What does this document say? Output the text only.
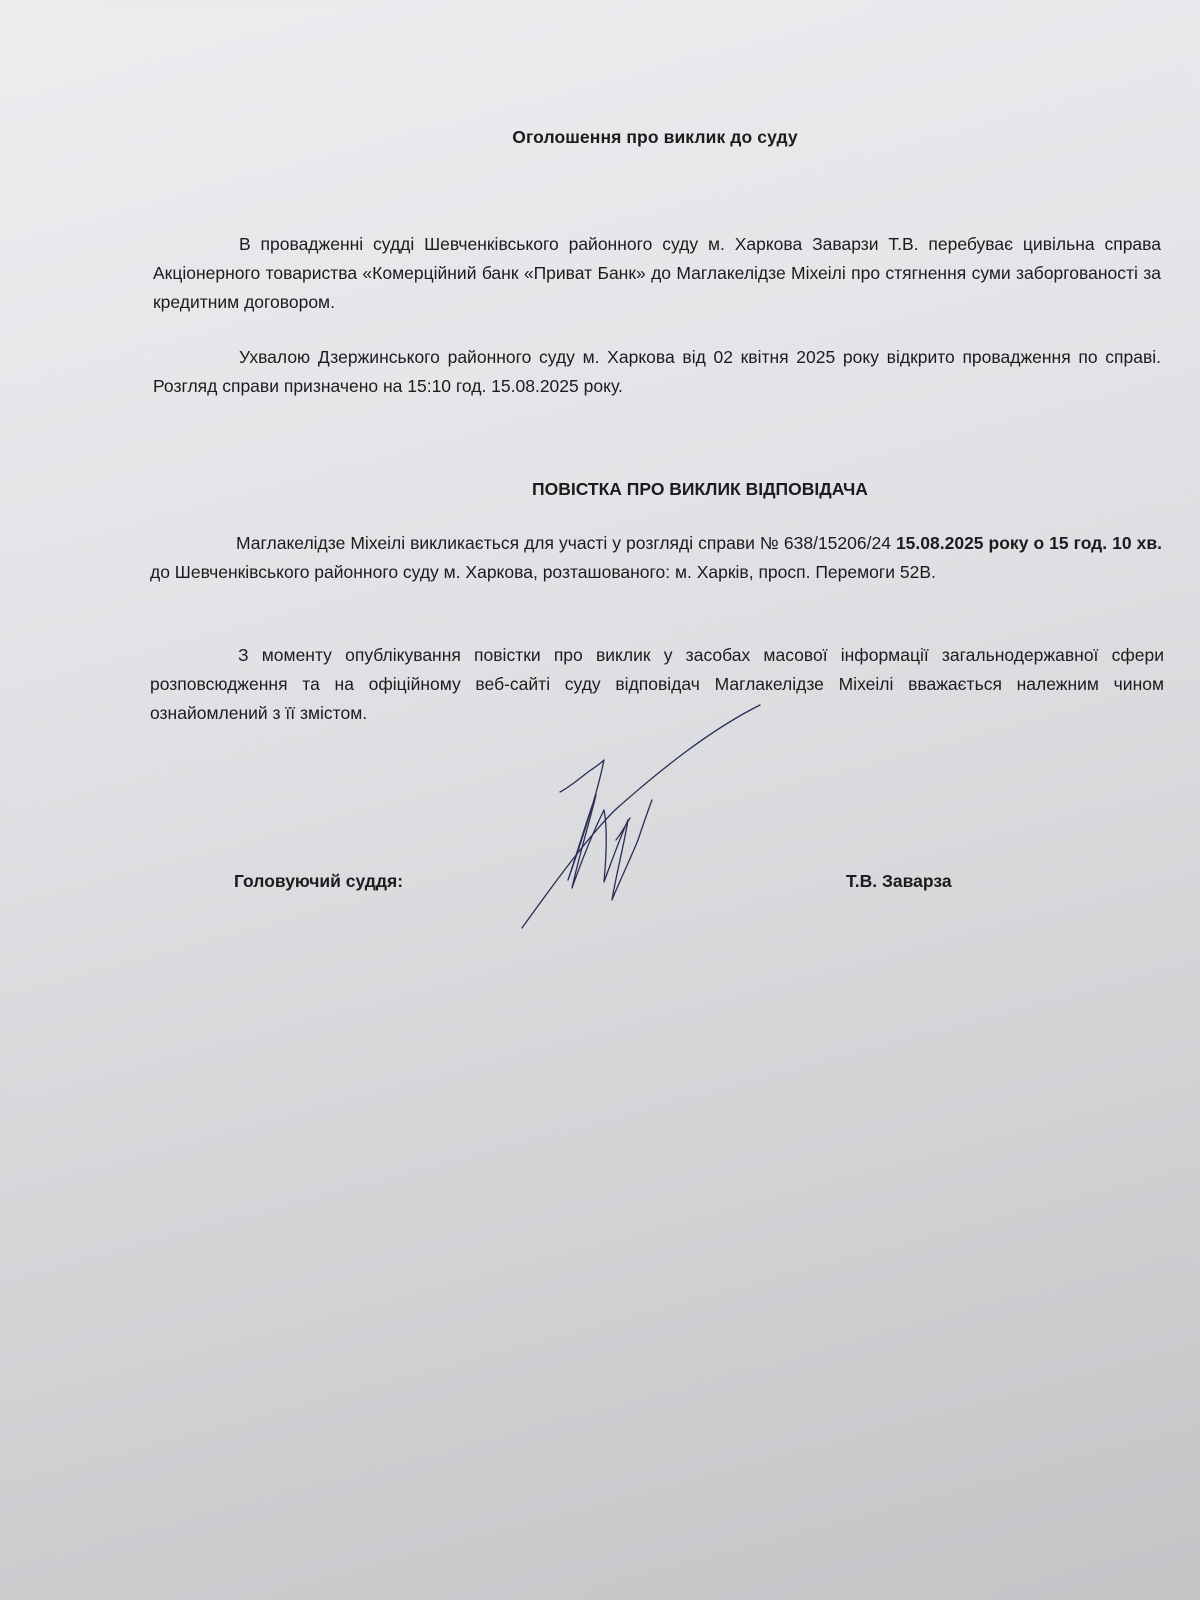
Оголошення про виклик до суду

В провадженні судді Шевченківського районного суду м. Харкова Заварзи Т.В. перебуває цивільна справа Акціонерного товариства «Комерційний банк «Приват Банк» до Маглакелідзе Міхеілі про стягнення суми заборгованості за кредитним договором.

Ухвалою Дзержинського районного суду м. Харкова від 02 квітня 2025 року відкрито провадження по справі. Розгляд справи призначено на 15:10 год. 15.08.2025 року.

ПОВІСТКА ПРО ВИКЛИК ВІДПОВІДАЧА

Маглакелідзе Міхеілі викликається для участі у розгляді справи № 638/15206/24 15.08.2025 року о 15 год. 10 хв. до Шевченківського районного суду м. Харкова, розташованого: м. Харків, просп. Перемоги 52В.

З моменту опублікування повістки про виклик у засобах масової інформації загальнодержавної сфери розповсюдження та на офіційному веб-сайті суду відповідач Маглакелідзе Міхеілі вважається належним чином ознайомлений з її змістом.

Головуючий суддя:	Т.В. Заварза
